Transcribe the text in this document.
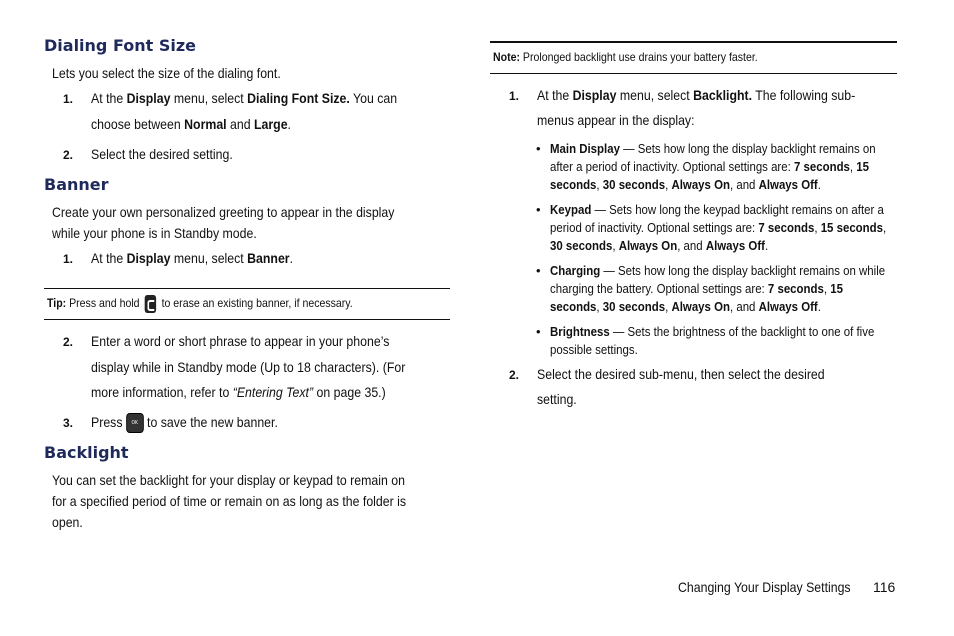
Dialing Font Size
Lets you select the size of the dialing font.
1. At the Display menu, select Dialing Font Size. You can
choose between Normal and Large.
2. Select the desired setting.
Banner
Create your own personalized greeting to appear in the display
while your phone is in Standby mode.
1. At the Display menu, select Banner.
Tip: Press and hold to erase an existing banner, if necessary.
2. Enter a word or short phrase to appear in your phone’s
display while in Standby mode (Up to 18 characters). (For
more information, refer to “Entering Text” on page 35.)
3. Press OK to save the new banner.
Backlight
You can set the backlight for your display or keypad to remain on
for a specified period of time or remain on as long as the folder is
open.
Note: Prolonged backlight use drains your battery faster.
1. At the Display menu, select Backlight. The following sub-
menus appear in the display:
• Main Display — Sets how long the display backlight remains on
after a period of inactivity. Optional settings are: 7 seconds, 15
seconds, 30 seconds, Always On, and Always Off.
• Keypad — Sets how long the keypad backlight remains on after a
period of inactivity. Optional settings are: 7 seconds, 15 seconds,
30 seconds, Always On, and Always Off.
• Charging — Sets how long the display backlight remains on while
charging the battery. Optional settings are: 7 seconds, 15
seconds, 30 seconds, Always On, and Always Off.
• Brightness — Sets the brightness of the backlight to one of five
possible settings.
2. Select the desired sub-menu, then select the desired
setting.
Changing Your Display Settings	116
